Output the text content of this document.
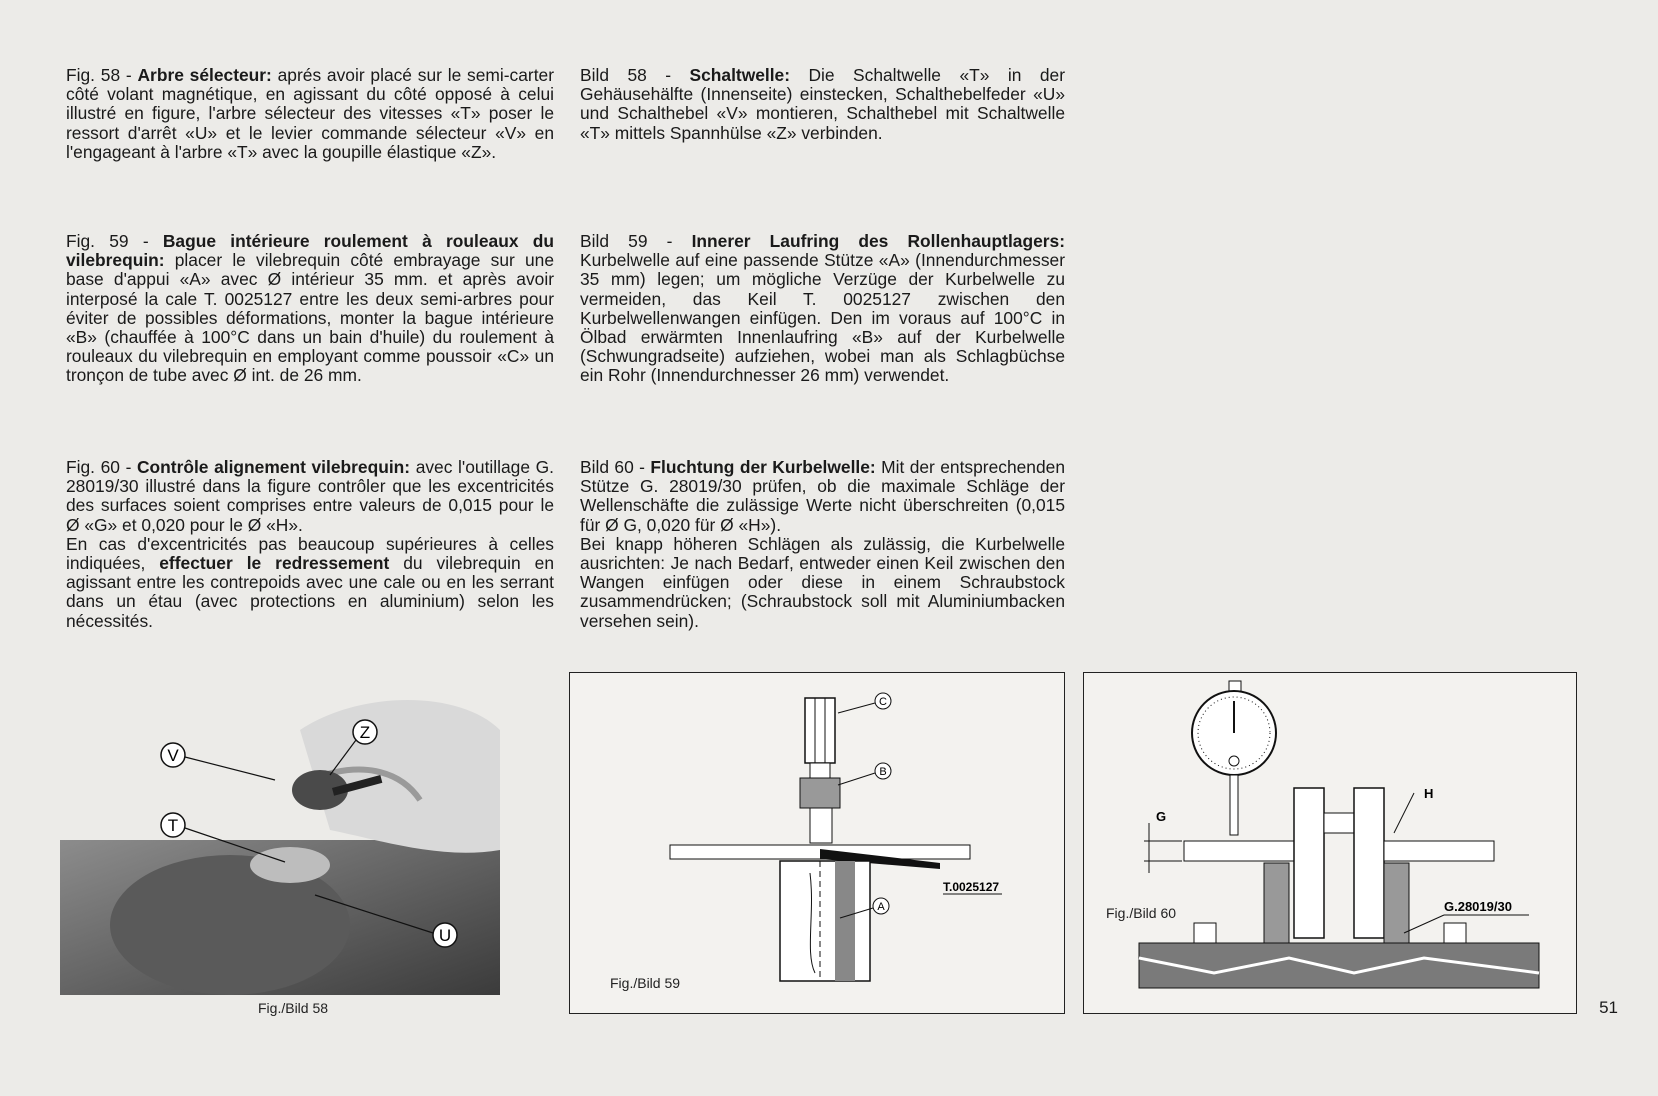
Fig. 58 - Arbre sélecteur: aprés avoir placé sur le semi-carter côté volant magnétique, en agissant du côté opposé à celui illustré en figure, l'arbre sélecteur des vitesses «T» poser le ressort d'arrêt «U» et le levier commande sélecteur «V» en l'engageant à l'arbre «T» avec la goupille élastique «Z».

Fig. 59 - Bague intérieure roulement à rouleaux du vilebrequin: placer le vilebrequin côté embrayage sur une base d'appui «A» avec Ø intérieur 35 mm. et après avoir interposé la cale T. 0025127 entre les deux semi-arbres pour éviter de possibles déformations, monter la bague intérieure «B» (chauffée à 100°C dans un bain d'huile) du roulement à rouleaux du vilebrequin en employant comme poussoir «C» un tronçon de tube avec Ø int. de 26 mm.

Fig. 60 - Contrôle alignement vilebrequin: avec l'outillage G. 28019/30 illustré dans la figure contrôler que les excentricités des surfaces soient comprises entre valeurs de 0,015 pour le Ø «G» et 0,020 pour le Ø «H».

En cas d'excentricités pas beaucoup supérieures à celles indiquées, effectuer le redressement du vilebrequin en agissant entre les contrepoids avec une cale ou en les serrant dans un étau (avec protections en aluminium) selon les nécessités.

Bild 58 - Schaltwelle: Die Schaltwelle «T» in der Gehäusehälfte (Innenseite) einstecken, Schalthebelfeder «U» und Schalthebel «V» montieren, Schalthebel mit Schaltwelle «T» mittels Spannhülse «Z» verbinden.

Bild 59 - Innerer Laufring des Rollenhauptlagers: Kurbelwelle auf eine passende Stütze «A» (Innendurchmesser 35 mm) legen; um mögliche Verzüge der Kurbelwelle zu vermeiden, das Keil T. 0025127 zwischen den Kurbelwellenwangen einfügen. Den im voraus auf 100°C in Ölbad erwärmten Innenlaufring «B» auf der Kurbelwelle (Schwungradseite) aufziehen, wobei man als Schlagbüchse ein Rohr (Innendurchnesser 26 mm) verwendet.

Bild 60 - Fluchtung der Kurbelwelle: Mit der entsprechenden Stütze G. 28019/30 prüfen, ob die maximale Schläge der Wellenschäfte die zulässige Werte nicht überschreiten (0,015 für Ø G, 0,020 für Ø «H»).

Bei knapp höheren Schlägen als zulässig, die Kurbelwelle ausrichten: Je nach Bedarf, entweder einen Keil zwischen den Wangen einfügen oder diese in einem Schraubstock zusammendrücken; (Schraubstock soll mit Aluminiumbacken versehen sein).

V
Z
T
U
Fig./Bild 58
C
B
A
T.0025127
Fig./Bild 59
G
H
G.28019/30
Fig./Bild 60
51
